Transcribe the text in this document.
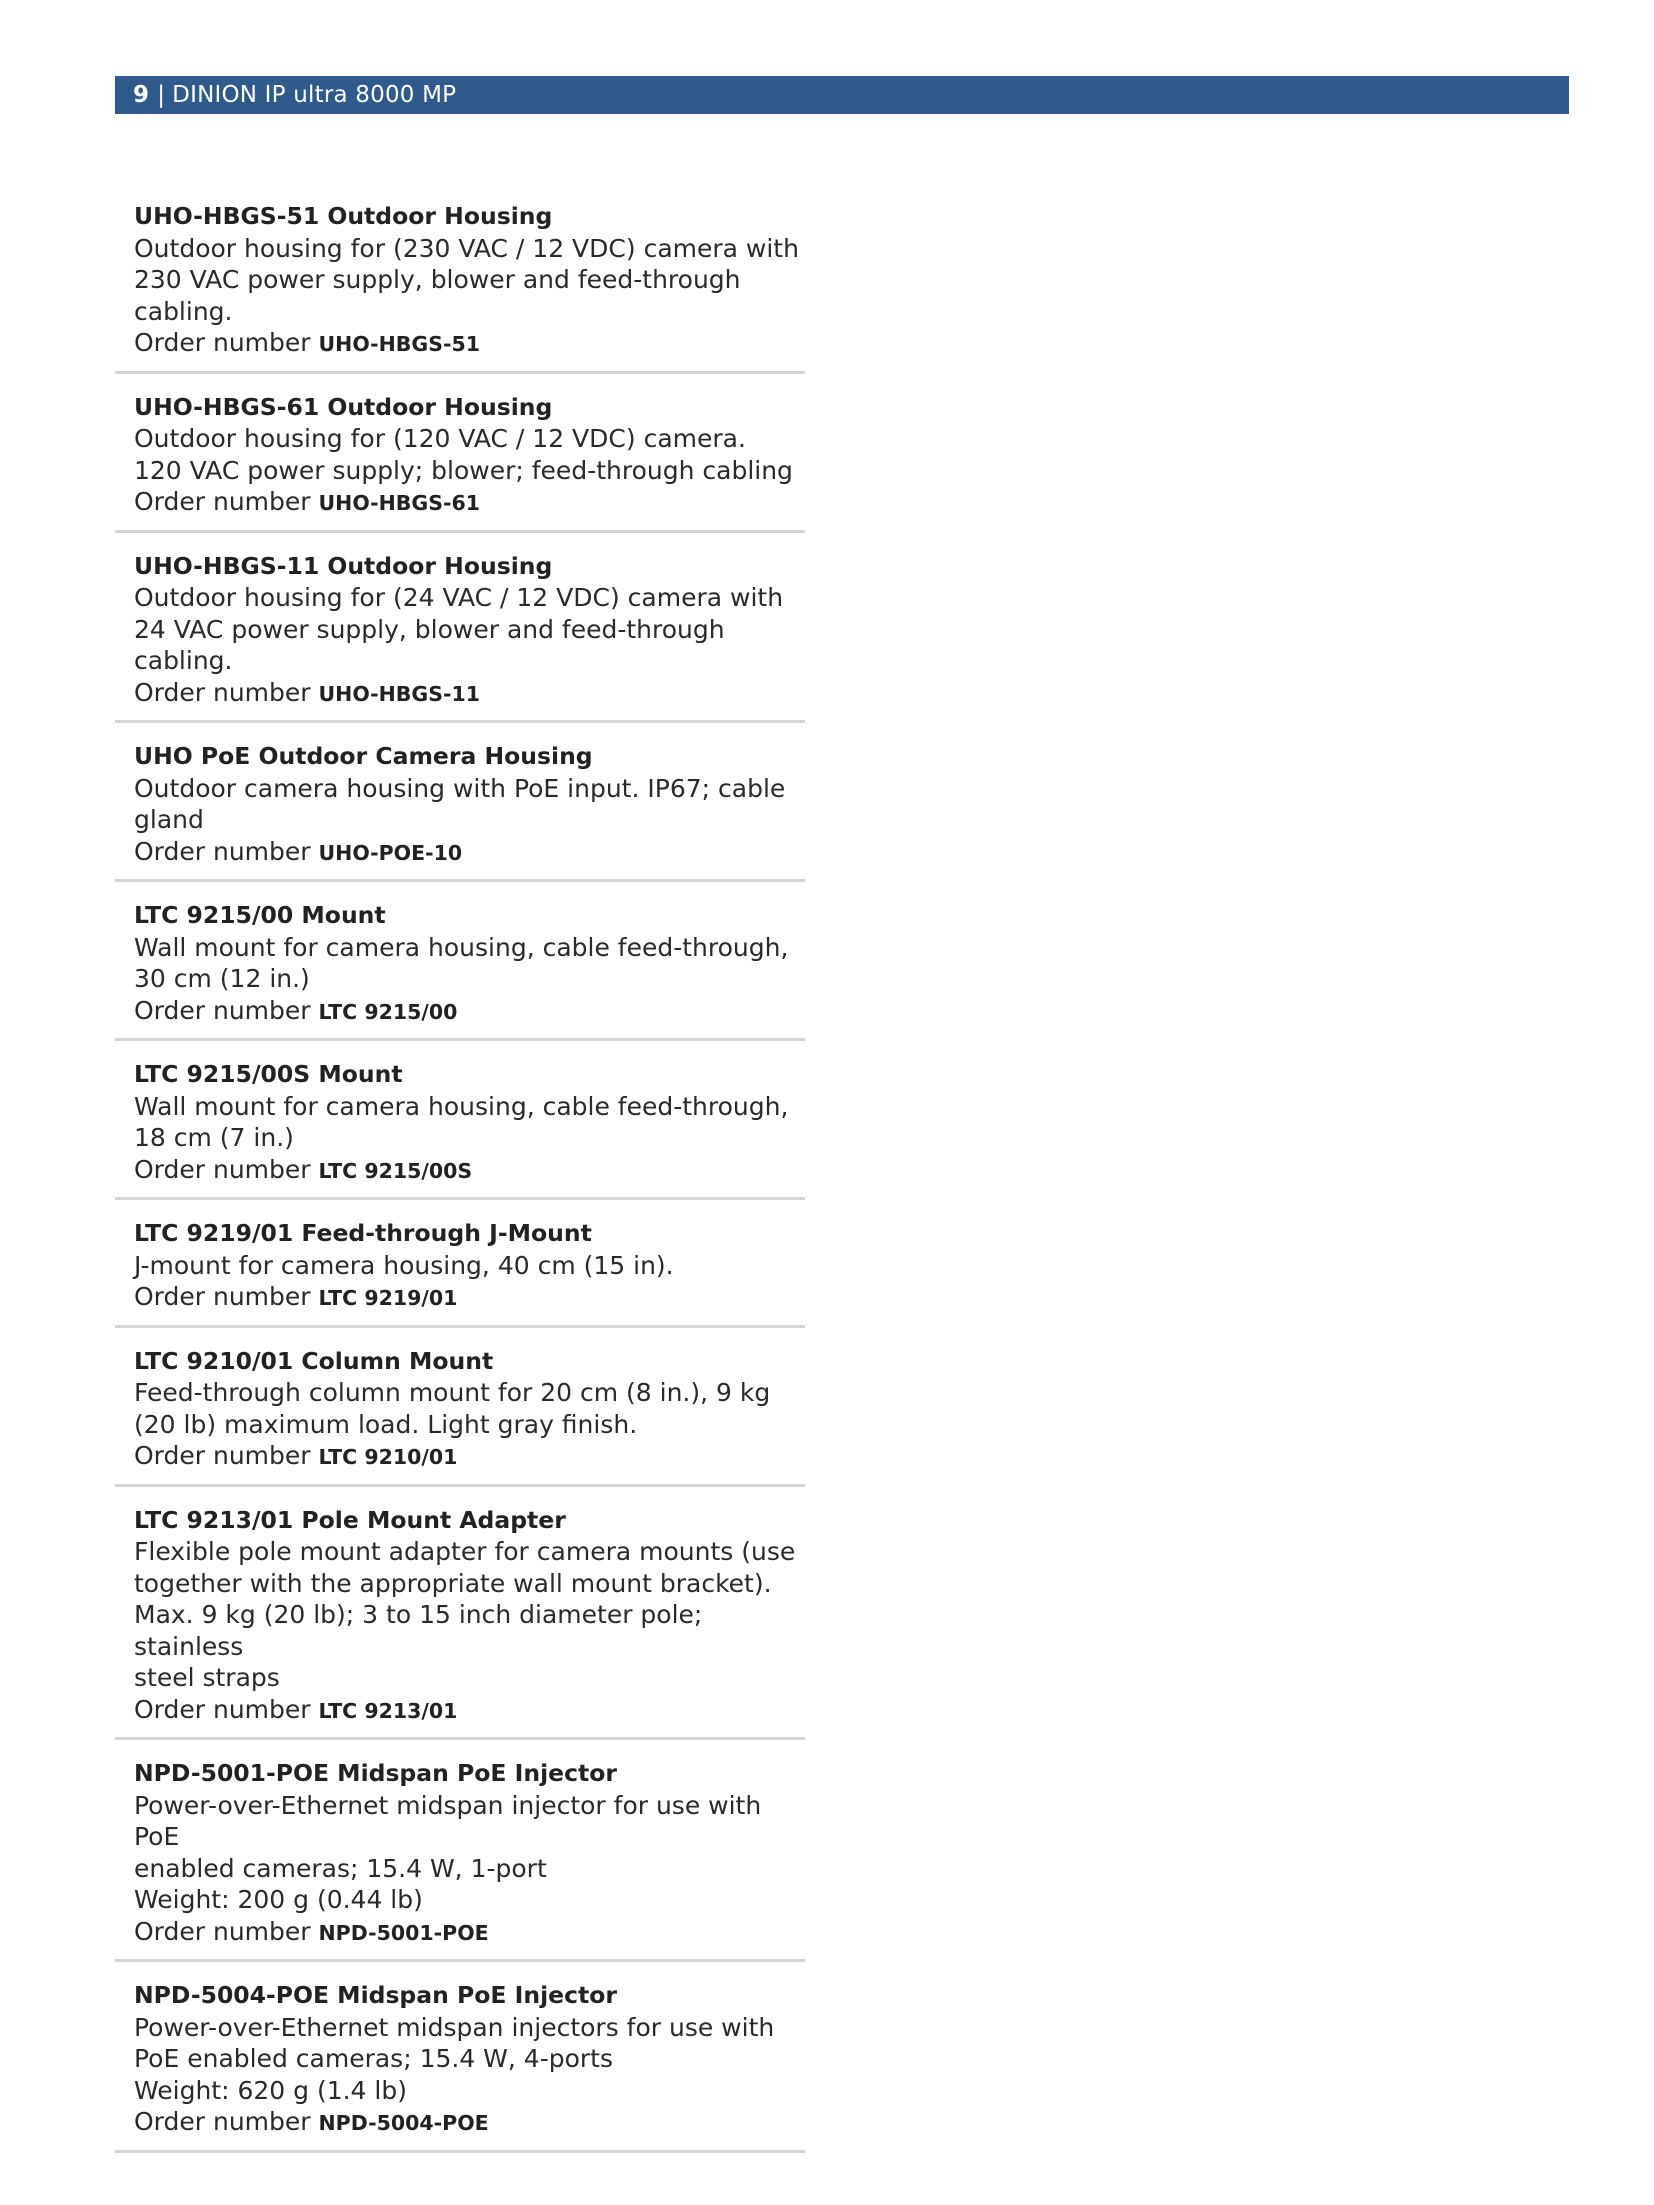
9 | DINION IP ultra 8000 MP
UHO-HBGS-51 Outdoor Housing
Outdoor housing for (230 VAC / 12 VDC) camera with
230 VAC power supply, blower and feed-through
cabling.
Order number UHO-HBGS-51
UHO-HBGS-61 Outdoor Housing
Outdoor housing for (120 VAC / 12 VDC) camera.
120 VAC power supply; blower; feed-through cabling
Order number UHO-HBGS-61
UHO-HBGS-11 Outdoor Housing
Outdoor housing for (24 VAC / 12 VDC) camera with
24 VAC power supply, blower and feed-through
cabling.
Order number UHO-HBGS-11
UHO PoE Outdoor Camera Housing
Outdoor camera housing with PoE input. IP67; cable
gland
Order number UHO-POE-10
LTC 9215/00 Mount
Wall mount for camera housing, cable feed-through,
30 cm (12 in.)
Order number LTC 9215/00
LTC 9215/00S Mount
Wall mount for camera housing, cable feed-through,
18 cm (7 in.)
Order number LTC 9215/00S
LTC 9219/01 Feed-through J-Mount
J-mount for camera housing, 40 cm (15 in).
Order number LTC 9219/01
LTC 9210/01 Column Mount
Feed-through column mount for 20 cm (8 in.), 9 kg
(20 lb) maximum load. Light gray finish.
Order number LTC 9210/01
LTC 9213/01 Pole Mount Adapter
Flexible pole mount adapter for camera mounts (use
together with the appropriate wall mount bracket).
Max. 9 kg (20 lb); 3 to 15 inch diameter pole; stainless
steel straps
Order number LTC 9213/01
NPD-5001-POE Midspan PoE Injector
Power-over-Ethernet midspan injector for use with PoE
enabled cameras; 15.4 W, 1-port
Weight: 200 g (0.44 lb)
Order number NPD-5001-POE
NPD-5004-POE Midspan PoE Injector
Power-over-Ethernet midspan injectors for use with
PoE enabled cameras; 15.4 W, 4-ports
Weight: 620 g (1.4 lb)
Order number NPD-5004-POE
